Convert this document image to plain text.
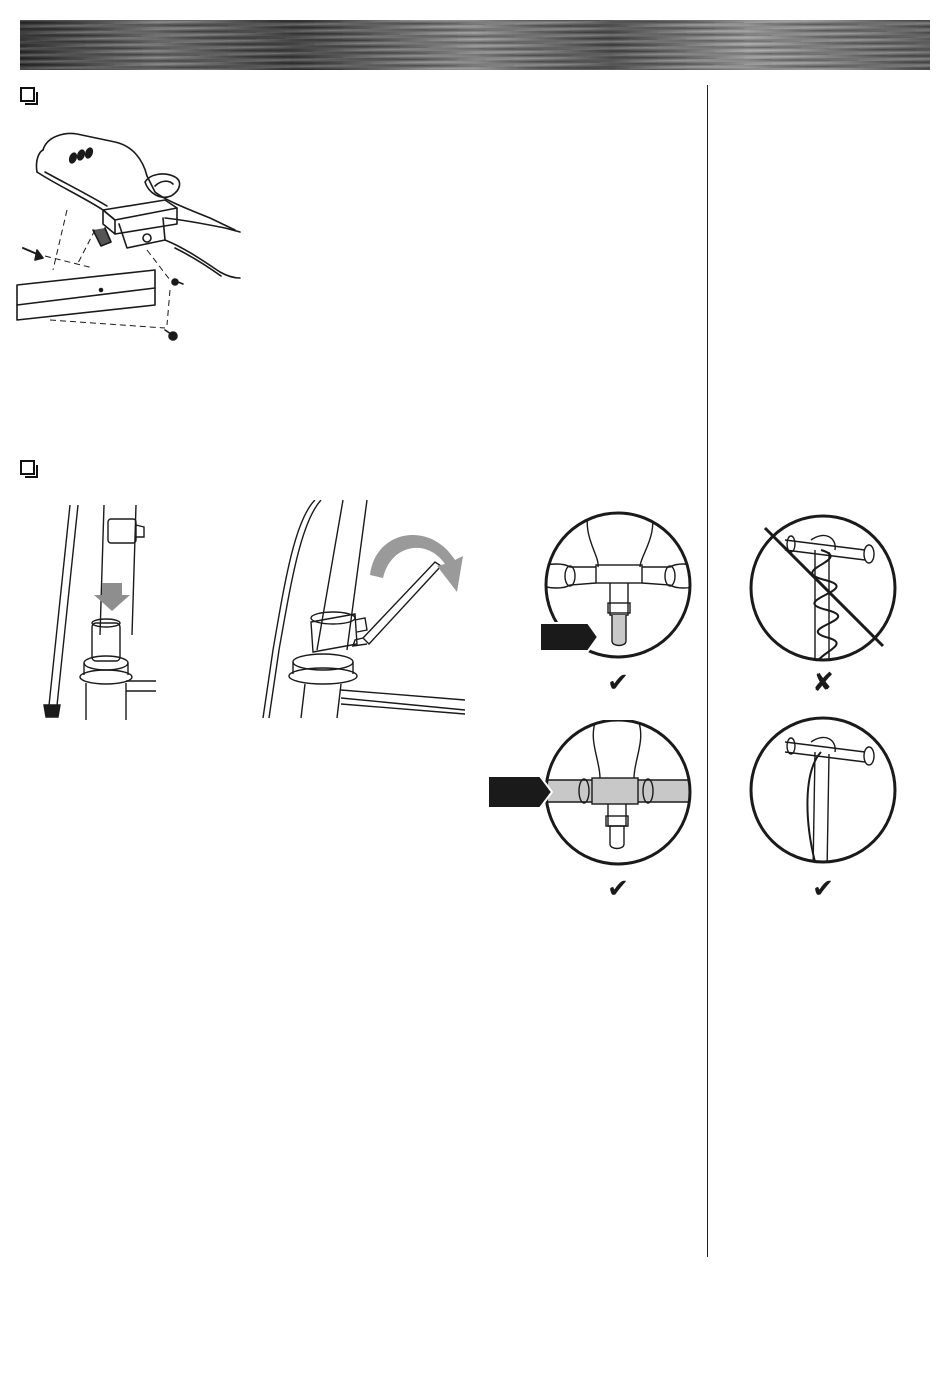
✔	✘
✔	✔
